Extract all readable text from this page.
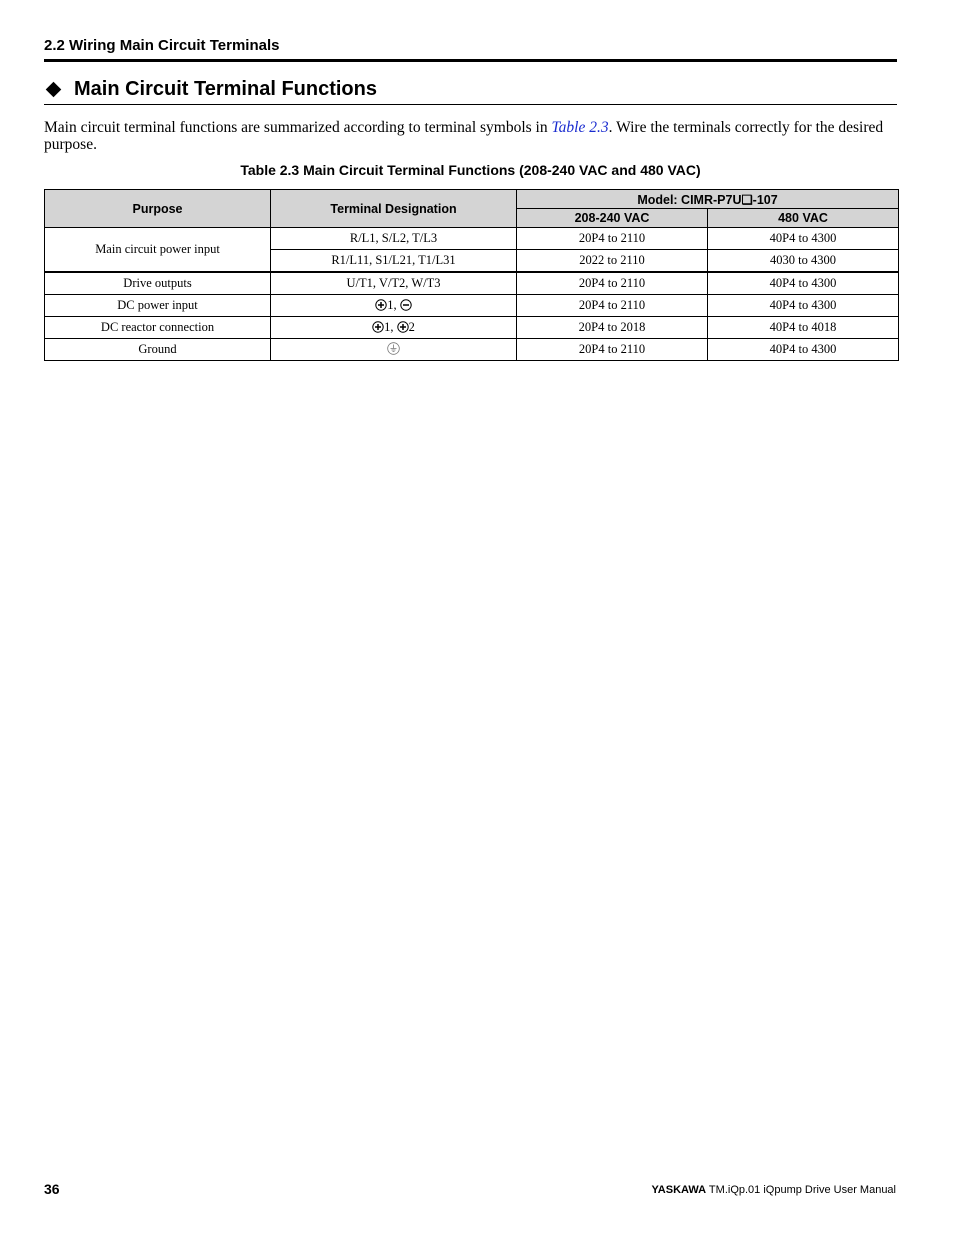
2.2 Wiring Main Circuit Terminals
Main Circuit Terminal Functions
Main circuit terminal functions are summarized according to terminal symbols in Table 2.3. Wire the terminals correctly for the desired purpose.
Table 2.3 Main Circuit Terminal Functions (208-240 VAC and 480 VAC)
Purpose	Terminal Designation	Model: CIMR-P7U❑-107	
		208-240 VAC	480 VAC
Main circuit power input	R/L1, S/L2, T/L3	20P4 to 2110	40P4 to 4300
	R1/L11, S1/L21, T1/L31	2022 to 2110	4030 to 4300
Drive outputs	U/T1, V/T2, W/T3	20P4 to 2110	40P4 to 4300
DC power input	1,	20P4 to 2110	40P4 to 4300
DC reactor connection	1, 2	20P4 to 2018	40P4 to 4018
Ground		20P4 to 2110	40P4 to 4300
36	YASKAWA TM.iQp.01 iQpump Drive User Manual
